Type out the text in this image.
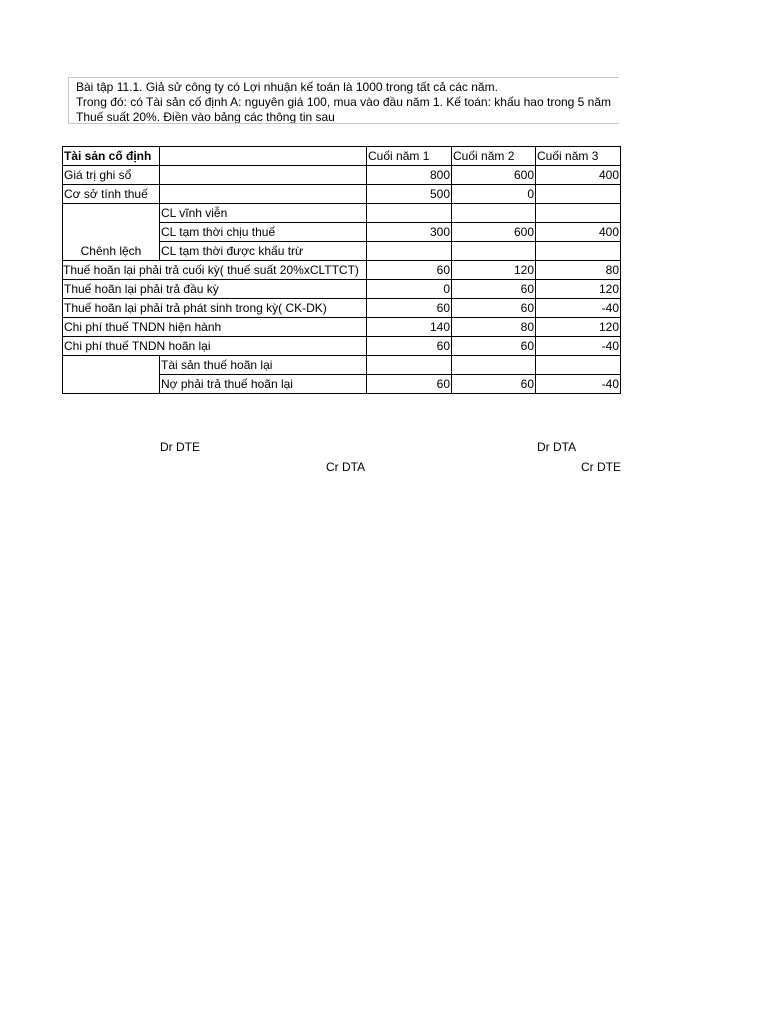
Bài tập 11.1. Giả sử công ty có Lợi nhuận kế toán là 1000 trong tất cả các năm.
Trong đó: có Tài sản cố định A: nguyên giá 100, mua vào đầu năm 1. Kế toán: khấu hao trong 5 năm
Thuế suất 20%. Điền vào bảng các thông tin sau
Tài sản cố định		Cuối năm 1	Cuối năm 2	Cuối năm 3
Giá trị ghi sổ		800	600	400
Cơ sở tính thuế		500	0	
Chênh lệch	CL vĩnh viễn			
	CL tạm thời chịu thuế	300	600	400
	CL tạm thời được khấu trừ			
Thuế hoãn lại phải trả cuối kỳ( thuế suất 20%xCLTTCT)		60	120	80
Thuế hoãn lại phải trả đầu kỳ		0	60	120
Thuế hoãn lại phải trả phát sinh trong kỳ( CK-DK)		60	60	-40
Chi phí thuế TNDN hiện hành		140	80	120
Chi phí thuế TNDN hoãn lại		60	60	-40
	Tài sản thuế hoãn lại			
	Nợ phải trả thuế hoãn lại	60	60	-40
Dr DTE
Cr DTA
Dr DTA
Cr DTE
